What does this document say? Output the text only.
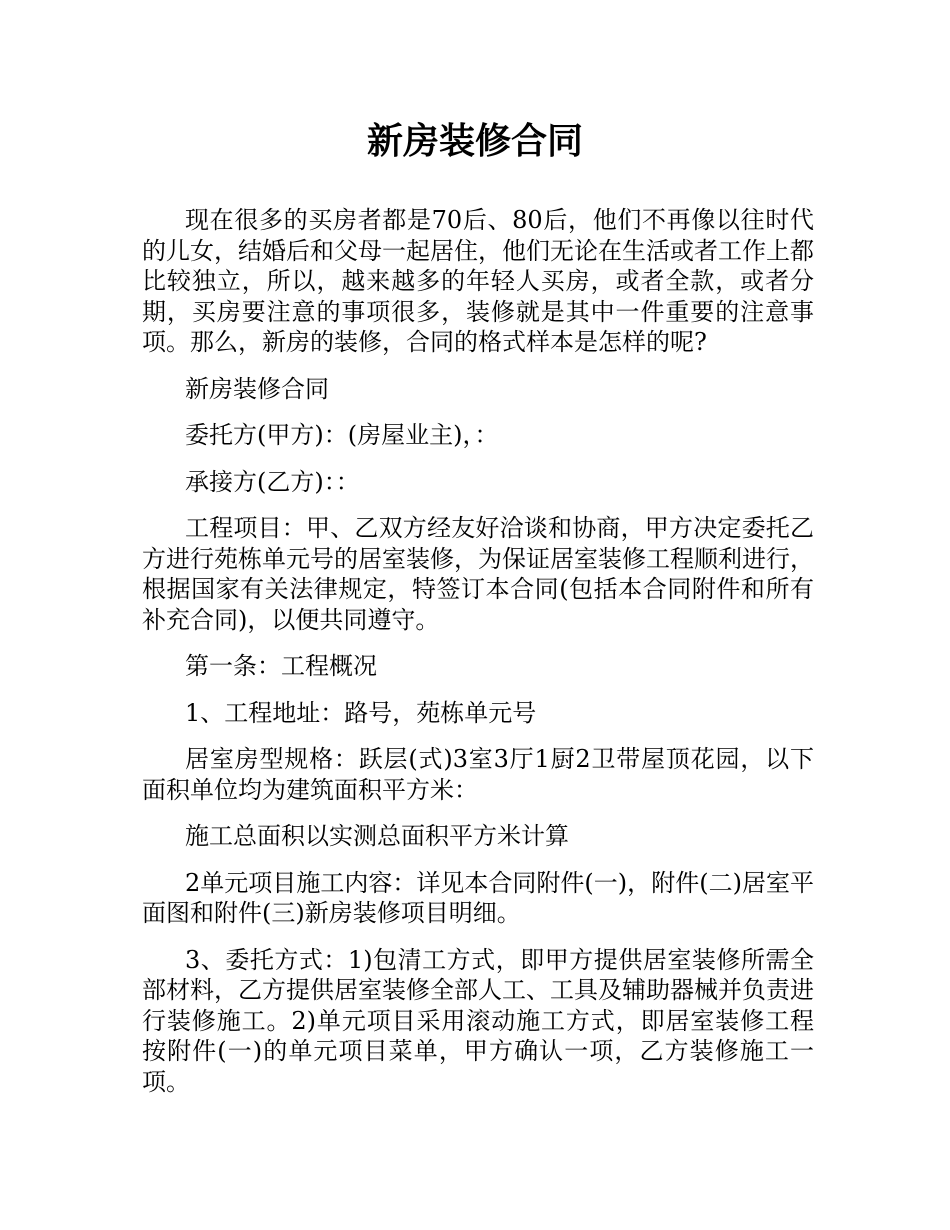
新房装修合同

现在很多的买房者都是70后、80后，他们不再像以往时代的儿女，结婚后和父母一起居住，他们无论在生活或者工作上都比较独立，所以，越来越多的年轻人买房，或者全款，或者分期，买房要注意的事项很多，装修就是其中一件重要的注意事项。那么，新房的装修，合同的格式样本是怎样的呢?

新房装修合同

委托方(甲方)：(房屋业主)，：

承接方(乙方)：：

工程项目：甲、乙双方经友好洽谈和协商，甲方决定委托乙方进行苑栋单元号的居室装修，为保证居室装修工程顺利进行，根据国家有关法律规定，特签订本合同(包括本合同附件和所有补充合同)，以便共同遵守。

第一条：工程概况

1、工程地址：路号，苑栋单元号

居室房型规格：跃层(式)3室3厅1厨2卫带屋顶花园，以下面积单位均为建筑面积平方米：

施工总面积以实测总面积平方米计算

2单元项目施工内容：详见本合同附件(一)，附件(二)居室平面图和附件(三)新房装修项目明细。

3、委托方式：1)包清工方式，即甲方提供居室装修所需全部材料，乙方提供居室装修全部人工、工具及辅助器械并负责进行装修施工。2)单元项目采用滚动施工方式，即居室装修工程按附件(一)的单元项目菜单，甲方确认一项，乙方装修施工一项。
